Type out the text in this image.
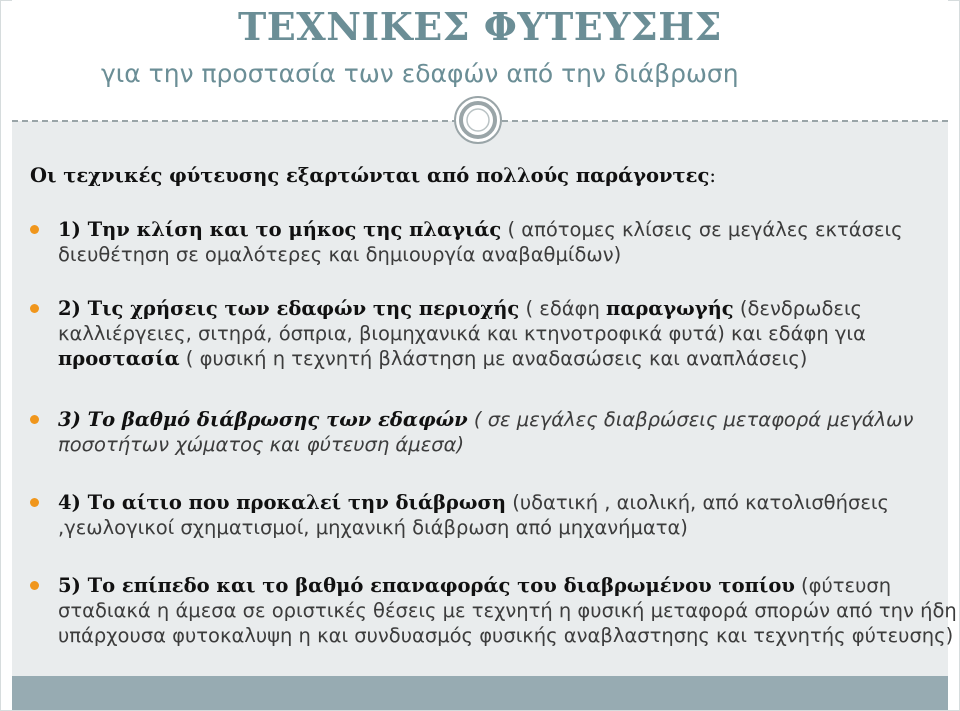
ΤΕΧΝΙΚΕΣ ΦΥΤΕΥΣΗΣ

για την προστασία των εδαφών από την διάβρωση

Οι τεχνικές φύτευσης εξαρτώνται από πολλούς παράγοντες:

1) Την κλίση και το μήκος της πλαγιάς ( απότομες κλίσεις σε μεγάλες εκτάσεις διευθέτηση σε ομαλότερες και δημιουργία αναβαθμίδων)

2) Τις χρήσεις των εδαφών της περιοχής ( εδάφη παραγωγής (δενδρωδεις καλλιέργειες, σιτηρά, όσπρια, βιομηχανικά και κτηνοτροφικά φυτά) και εδάφη για προστασία ( φυσική η τεχνητή βλάστηση με αναδασώσεις και αναπλάσεις)

3) Το βαθμό διάβρωσης των εδαφών ( σε μεγάλες διαβρώσεις μεταφορά μεγάλων ποσοτήτων χώματος και φύτευση άμεσα)

4) Το αίτιο που προκαλεί την διάβρωση (υδατική , αιολική, από κατολισθήσεις ,γεωλογικοί σχηματισμοί, μηχανική διάβρωση από μηχανήματα)

5) Το επίπεδο και το βαθμό επαναφοράς του διαβρωμένου τοπίου (φύτευση σταδιακά η άμεσα σε οριστικές θέσεις με τεχνητή η φυσική μεταφορά σπορών από την ήδη υπάρχουσα φυτοκαλυψη η και συνδυασμός φυσικής αναβλαστησης και τεχνητής φύτευσης)
